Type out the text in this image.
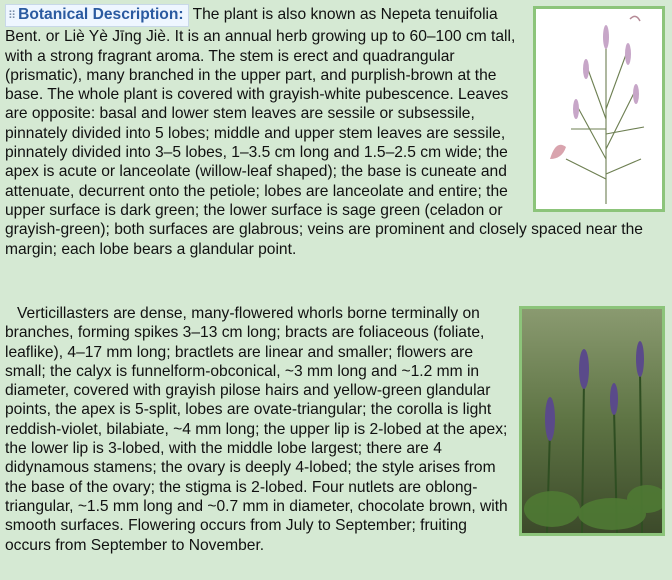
⠿ Botanical Description: The plant is also known as Nepeta tenuifolia Bent. or Liè Yè Jīng Jiè. It is an annual herb growing up to 60–100 cm tall, with a strong fragrant aroma. The stem is erect and quadrangular (prismatic), many branched in the upper part, and purplish-brown at the base. The whole plant is covered with grayish-white pubescence. Leaves are opposite: basal and lower stem leaves are sessile or subsessile, pinnately divided into 5 lobes; middle and upper stem leaves are sessile, pinnately divided into 3–5 lobes, 1–3.5 cm long and 1.5–2.5 cm wide; the apex is acute or lanceolate (willow-leaf shaped); the base is cuneate and attenuate, decurrent onto the petiole; lobes are lanceolate and entire; the upper surface is dark green; the lower surface is sage green (celadon or grayish-green); both surfaces are glabrous; veins are prominent and closely spaced near the margin; each lobe bears a glandular point.
Verticillasters are dense, many-flowered whorls borne terminally on branches, forming spikes 3–13 cm long; bracts are foliaceous (foliate, leaflike), 4–17 mm long; bractlets are linear and smaller; flowers are small; the calyx is funnelform-obconical, ~3 mm long and ~1.2 mm in diameter, covered with grayish pilose hairs and yellow-green glandular points, the apex is 5-split, lobes are ovate-triangular; the corolla is light reddish-violet, bilabiate, ~4 mm long; the upper lip is 2-lobed at the apex; the lower lip is 3-lobed, with the middle lobe largest; there are 4 didynamous stamens; the ovary is deeply 4-lobed; the style arises from the base of the ovary; the stigma is 2-lobed. Four nutlets are oblong-triangular, ~1.5 mm long and ~0.7 mm in diameter, chocolate brown, with smooth surfaces. Flowering occurs from July to September; fruiting occurs from September to November.
